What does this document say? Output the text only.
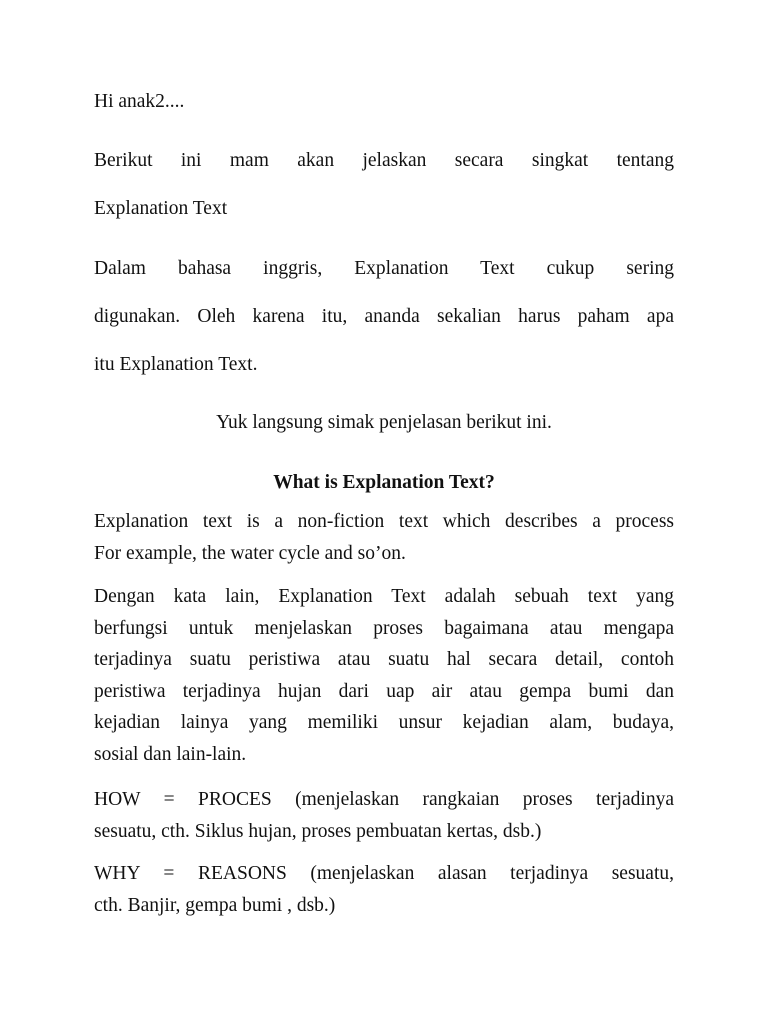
Hi anak2....

Berikut ini mam akan jelaskan secara singkat tentang
Explanation Text
Dalam bahasa inggris, Explanation Text cukup sering
digunakan. Oleh karena itu, ananda sekalian harus paham apa
itu Explanation Text.

Yuk langsung simak penjelasan berikut ini.

What is Explanation Text?

Explanation text is a non-fiction text which describes a process
For example, the water cycle and so’on.
Dengan kata lain, Explanation Text adalah sebuah text yang
berfungsi untuk menjelaskan proses bagaimana atau mengapa
terjadinya suatu peristiwa atau suatu hal secara detail, contoh
peristiwa terjadinya hujan dari uap air atau gempa bumi dan
kejadian lainya yang memiliki unsur kejadian alam, budaya,
sosial dan lain-lain.
HOW = PROCES (menjelaskan rangkaian proses terjadinya
sesuatu, cth. Siklus hujan, proses pembuatan kertas, dsb.)
WHY = REASONS (menjelaskan alasan terjadinya sesuatu,
cth. Banjir, gempa bumi , dsb.)
